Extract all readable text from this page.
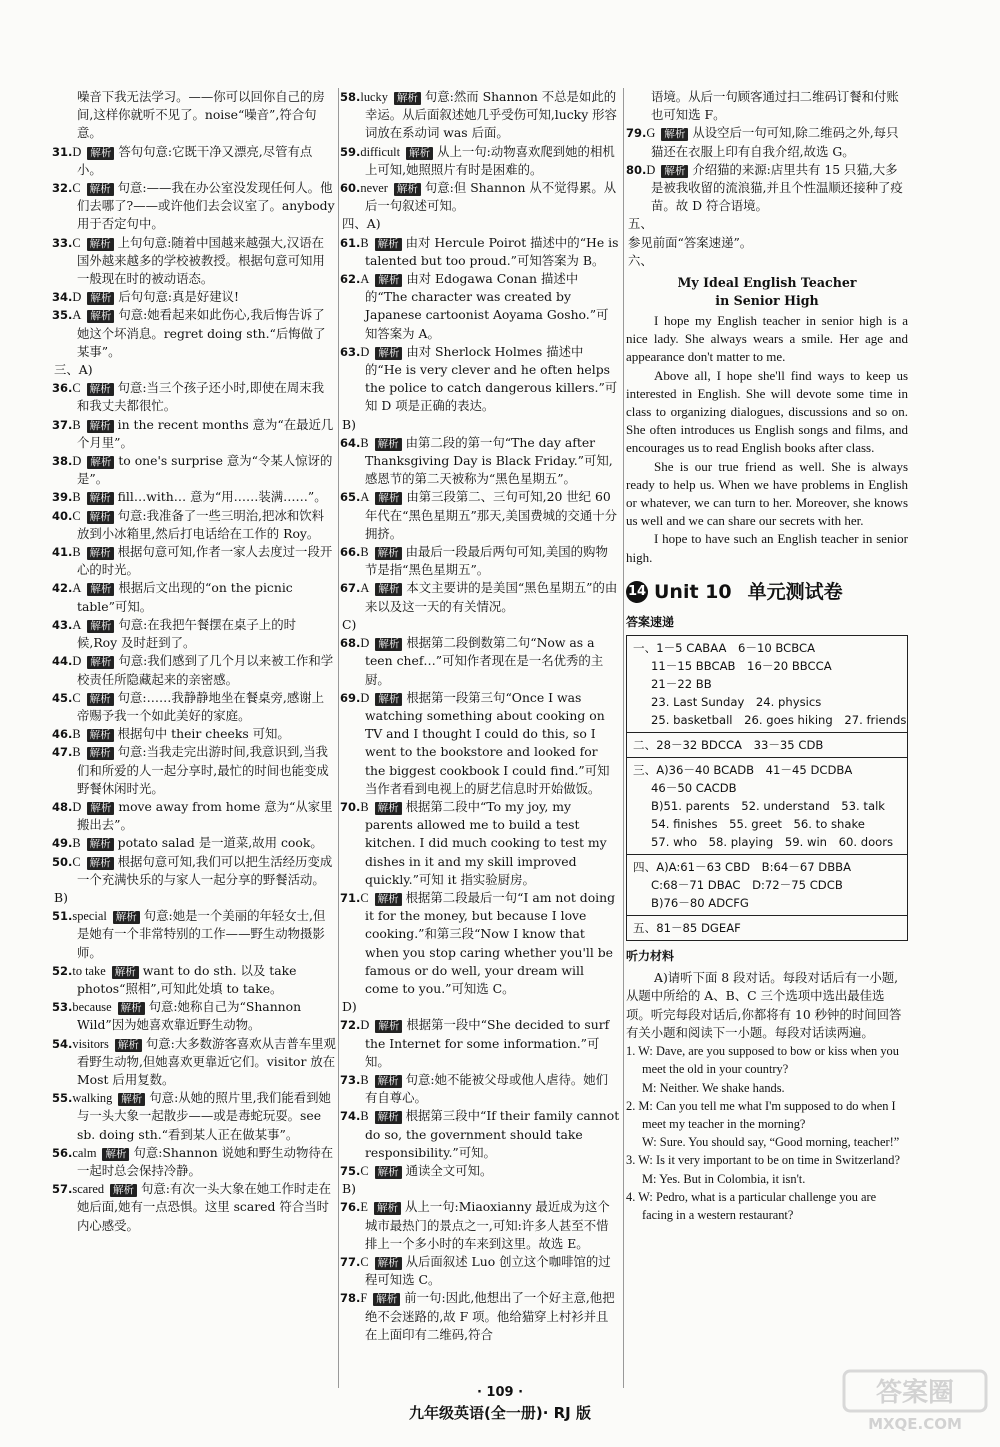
噪音下我无法学习。——你可以回你自己的房间,这样你就听不见了。noise“噪音”,符合句意。

31.D 解析 答句句意:它既干净又漂亮,尽管有点小。

32.C 解析 句意:——我在办公室没发现任何人。他们去哪了?——或许他们去会议室了。anybody 用于否定句中。

33.C 解析 上句句意:随着中国越来越强大,汉语在国外越来越多的学校被教授。根据句意可知用一般现在时的被动语态。

34.D 解析 后句句意:真是好建议!

35.A 解析 句意:她看起来如此伤心,我后悔告诉了她这个坏消息。regret doing sth.“后悔做了某事”。

三、A)

36.C 解析 句意:当三个孩子还小时,即使在周末我和我丈夫都很忙。

37.B 解析 in the recent months 意为“在最近几个月里”。

38.D 解析 to one's surprise 意为“令某人惊讶的是”。

39.B 解析 fill…with… 意为“用……装满……”。

40.C 解析 句意:我准备了一些三明治,把冰和饮料放到小冰箱里,然后打电话给在工作的 Roy。

41.B 解析 根据句意可知,作者一家人去度过一段开心的时光。

42.A 解析 根据后文出现的“on the picnic table”可知。

43.A 解析 句意:在我把午餐摆在桌子上的时候,Roy 及时赶到了。

44.D 解析 句意:我们感到了几个月以来被工作和学校责任所隐藏起来的亲密感。

45.C 解析 句意:……我静静地坐在餐桌旁,感谢上帝赐予我一个如此美好的家庭。

46.B 解析 根据句中 their cheeks 可知。

47.B 解析 句意:当我走完出游时间,我意识到,当我们和所爱的人一起分享时,最忙的时间也能变成野餐休闲时光。

48.D 解析 move away from home 意为“从家里搬出去”。

49.B 解析 potato salad 是一道菜,故用 cook。

50.C 解析 根据句意可知,我们可以把生活经历变成一个充满快乐的与家人一起分享的野餐活动。

B)

51.special 解析 句意:她是一个美丽的年轻女士,但是她有一个非常特别的工作——野生动物摄影师。

52.to take 解析 want to do sth. 以及 take photos“照相”,可知此处填 to take。

53.because 解析 句意:她称自己为“Shannon Wild”因为她喜欢靠近野生动物。

54.visitors 解析 句意:大多数游客喜欢从吉普车里观看野生动物,但她喜欢更靠近它们。visitor 放在 Most 后用复数。

55.walking 解析 句意:从她的照片里,我们能看到她与一头大象一起散步——或是毒蛇玩耍。see sb. doing sth.“看到某人正在做某事”。

56.calm 解析 句意:Shannon 说她和野生动物待在一起时总会保持冷静。

57.scared 解析 句意:有次一头大象在她工作时走在她后面,她有一点恐惧。这里 scared 符合当时内心感受。

58.lucky 解析 句意:然而 Shannon 不总是如此的幸运。从后面叙述她几乎受伤可知,lucky 形容词放在系动词 was 后面。

59.difficult 解析 从上一句:动物喜欢爬到她的相机上可知,她照照片有时是困难的。

60.never 解析 句意:但 Shannon 从不觉得累。从后一句叙述可知。

四、A)

61.B 解析 由对 Hercule Poirot 描述中的“He is talented but too proud.”可知答案为 B。

62.A 解析 由对 Edogawa Conan 描述中的“The character was created by Japanese cartoonist Aoyama Gosho.”可知答案为 A。

63.D 解析 由对 Sherlock Holmes 描述中的“He is very clever and he often helps the police to catch dangerous killers.”可知 D 项是正确的表达。

B)

64.B 解析 由第二段的第一句“The day after Thanksgiving Day is Black Friday.”可知,感恩节的第二天被称为“黑色星期五”。

65.A 解析 由第三段第二、三句可知,20 世纪 60 年代在“黑色星期五”那天,美国费城的交通十分拥挤。

66.B 解析 由最后一段最后两句可知,美国的购物节是指“黑色星期五”。

67.A 解析 本文主要讲的是美国“黑色星期五”的由来以及这一天的有关情况。

C)

68.D 解析 根据第二段倒数第二句“Now as a teen chef…”可知作者现在是一名优秀的主厨。

69.D 解析 根据第一段第三句“Once I was watching something about cooking on TV and I thought I could do this, so I went to the bookstore and looked for the biggest cookbook I could find.”可知当作者看到电视上的厨艺信息时开始做饭。

70.B 解析 根据第二段中“To my joy, my parents allowed me to build a test kitchen. I did much cooking to test my dishes in it and my skill improved quickly.”可知 it 指实验厨房。

71.C 解析 根据第二段最后一句“I am not doing it for the money, but because I love cooking.”和第三段“Now I know that when you stop caring whether you'll be famous or do well, your dream will come to you.”可知选 C。

D)

72.D 解析 根据第一段中“She decided to surf the Internet for some information.”可知。

73.B 解析 句意:她不能被父母或他人虐待。她们有自尊心。

74.B 解析 根据第三段中“If their family cannot do so, the government should take responsibility.”可知。

75.C 解析 通读全文可知。

B)

76.E 解析 从上一句:Miaoxianny 最近成为这个城市最热门的景点之一,可知:许多人甚至不惜排上一个多小时的车来到这里。故选 E。

77.C 解析 从后面叙述 Luo 创立这个咖啡馆的过程可知选 C。

78.F 解析 前一句:因此,他想出了一个好主意,他把绝不会迷路的,故 F 项。他给猫穿上村衫并且在上面印有二维码,符合

语境。从后一句顾客通过扫二维码订餐和付账也可知选 F。

79.G 解析 从设空后一句可知,除二维码之外,每只猫还在衣服上印有自我介绍,故选 G。

80.D 解析 介绍猫的来源:店里共有 15 只猫,大多是被我收留的流浪猫,并且个性温顺还接种了疫苗。故 D 符合语境。

五、

参见前面“答案速递”。

六、

My Ideal English Teacher
in Senior High

I hope my English teacher in senior high is a nice lady. She always wears a smile. Her age and appearance don't matter to me.

Above all, I hope she'll find ways to keep us interested in English. She will devote some time in class to organizing dialogues, discussions and so on. She often introduces us English songs and films, and encourages us to read English books after class.

She is our true friend as well. She is always ready to help us. When we have problems in English or whatever, we can turn to her. Moreover, she knows us well and we can share our secrets with her.

I hope to have such an English teacher in senior high.

14 Unit 10 单元测试卷
答案速递
一、1－5 CABAA　6－10 BCBCA
11－15 BBCAB　16－20 BBCCA
21－22 BB
23. Last Sunday　24. physics
25. basketball　26. goes hiking　27. friends
二、28－32 BDCCA　33－35 CDB
三、A)36－40 BCADB　41－45 DCDBA
46－50 CACDB
B)51. parents　52. understand　53. talk
54. finishes　55. greet　56. to shake
57. who　58. playing　59. win　60. doors
四、A)A:61－63 CBD　B:64－67 DBBA
C:68－71 DBAC　D:72－75 CDCB
B)76－80 ADCFG
五、81－85 DGEAF
听力材料

A)请听下面 8 段对话。每段对话后有一小题,从题中所给的 A、B、C 三个选项中选出最佳选项。听完每段对话后,你都将有 10 秒钟的时间回答有关小题和阅读下一小题。每段对话读两遍。

1. W: Dave, are you supposed to bow or kiss when you meet the old in your country?

M: Neither. We shake hands.

2. M: Can you tell me what I'm supposed to do when I meet my teacher in the morning?

W: Sure. You should say, “Good morning, teacher!”

3. W: Is it very important to be on time in Switzerland?

M: Yes. But in Colombia, it isn't.

4. W: Pedro, what is a particular challenge you are facing in a western restaurant?

· 109 ·
九年级英语(全一册)· RJ 版
答案圈
MXQE.COM
